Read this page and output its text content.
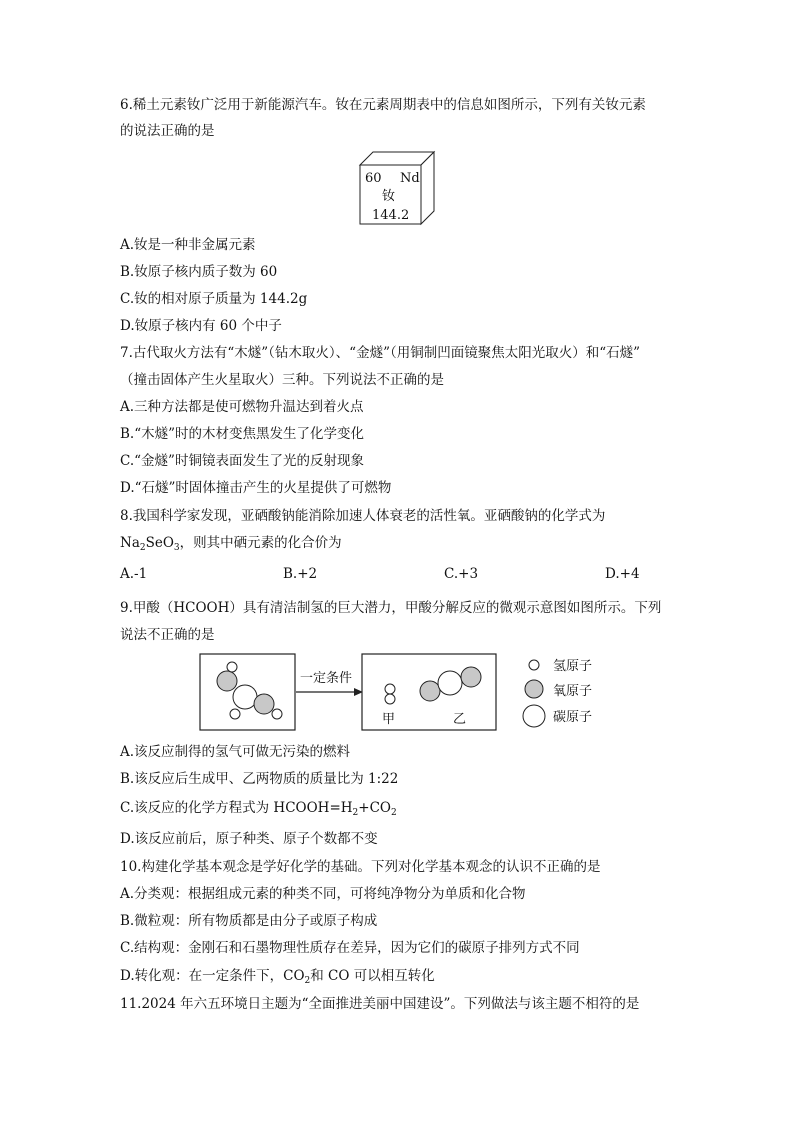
6.稀土元素钕广泛用于新能源汽车。钕在元素周期表中的信息如图所示，下列有关钕元素
的说法正确的是
60 Nd
钕
144.2
A.钕是一种非金属元素
B.钕原子核内质子数为 60
C.钕的相对原子质量为 144.2g
D.钕原子核内有 60 个中子
7.古代取火方法有“木燧”（钻木取火）、“金燧”（用铜制凹面镜聚焦太阳光取火）和“石燧”
（撞击固体产生火星取火）三种。下列说法不正确的是
A.三种方法都是使可燃物升温达到着火点
B.“木燧”时的木材变焦黑发生了化学变化
C.“金燧”时铜镜表面发生了光的反射现象
D.“石燧”时固体撞击产生的火星提供了可燃物
8.我国科学家发现，亚硒酸钠能消除加速人体衰老的活性氧。亚硒酸钠的化学式为
$Na_2SeO_3$，则其中硒元素的化合价为
A.-1	B.+2	C.+3	D.+4
9.甲酸（HCOOH）具有清洁制氢的巨大潜力，甲酸分解反应的微观示意图如图所示。下列
说法不正确的是
一定条件
甲	乙
氢原子
氧原子
碳原子
A.该反应制得的氢气可做无污染的燃料
B.该反应后生成甲、乙两物质的质量比为 1:22
C.该反应的化学方程式为 $HCOOH=H_2+CO_2$
D.该反应前后，原子种类、原子个数都不变
10.构建化学基本观念是学好化学的基础。下列对化学基本观念的认识不正确的是
A.分类观：根据组成元素的种类不同，可将纯净物分为单质和化合物
B.微粒观：所有物质都是由分子或原子构成
C.结构观：金刚石和石墨物理性质存在差异，因为它们的碳原子排列方式不同
D.转化观：在一定条件下，$CO_2$和 CO 可以相互转化
11.2024 年六五环境日主题为“全面推进美丽中国建设”。下列做法与该主题不相符的是
